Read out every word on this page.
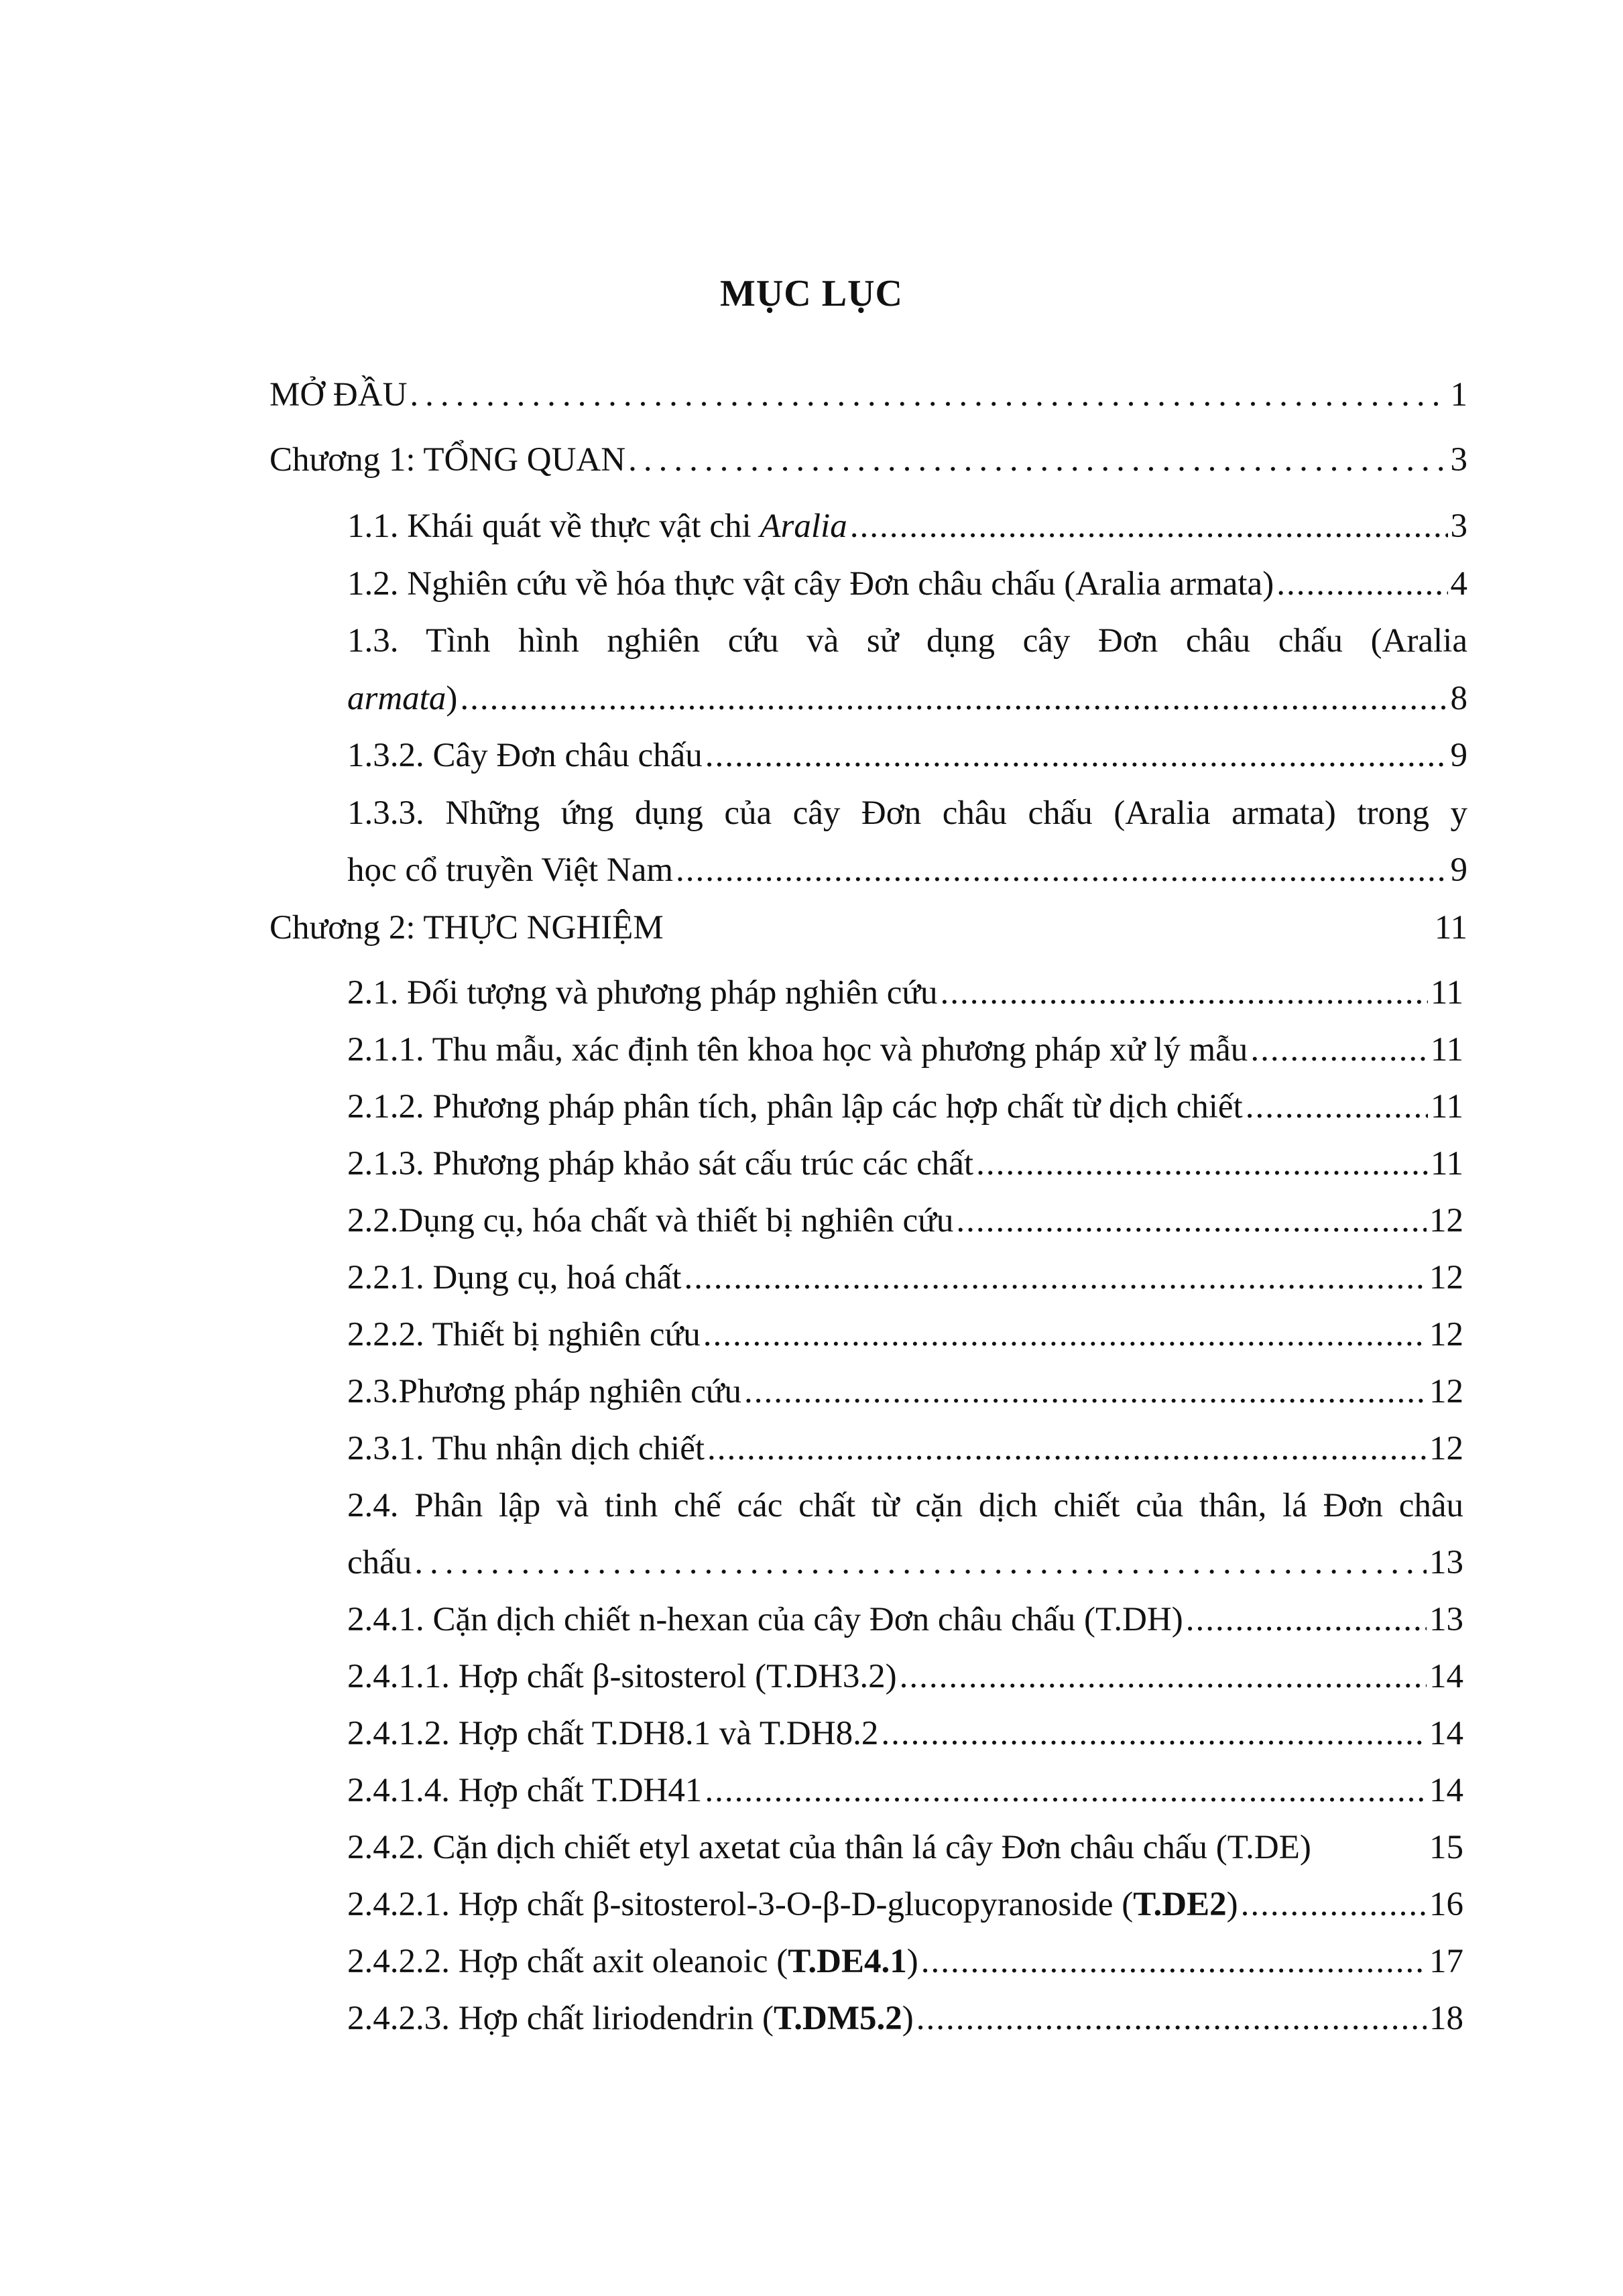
MỤC LỤC
MỞ ĐẦU .....	1
Chương 1: TỔNG QUAN .....	3
1.1. Khái quát về thực vật chi Aralia .....	3
1.2. Nghiên cứu về hóa thực vật cây Đơn châu chấu (Aralia armata) .....	4
1.3. Tình hình nghiên cứu và sử dụng cây Đơn châu chấu (Aralia
armata) .....	8
1.3.2. Cây Đơn châu chấu .....	9
1.3.3. Những ứng dụng của cây Đơn châu chấu (Aralia armata) trong y
học cổ truyền Việt Nam .....	9
Chương 2: THỰC NGHIỆM	11
2.1. Đối tượng và phương pháp nghiên cứu .....	11
2.1.1. Thu mẫu, xác định tên khoa học và phương pháp xử lý mẫu .....	11
2.1.2. Phương pháp phân tích, phân lập các hợp chất từ dịch chiết .....	11
2.1.3. Phương pháp khảo sát cấu trúc các chất .....	11
2.2.Dụng cụ, hóa chất và thiết bị nghiên cứu .....	12
2.2.1. Dụng cụ, hoá chất .....	12
2.2.2. Thiết bị nghiên cứu .....	12
2.3.Phương pháp nghiên cứu .....	12
2.3.1. Thu nhận dịch chiết .....	12
2.4. Phân lập và tinh chế các chất từ cặn dịch chiết của thân, lá Đơn châu
chấu .....	13
2.4.1. Cặn dịch chiết n-hexan của cây Đơn châu chấu (T.DH) .....	13
2.4.1.1. Hợp chất β-sitosterol (T.DH3.2) .....	14
2.4.1.2. Hợp chất T.DH8.1 và T.DH8.2 .....	14
2.4.1.4. Hợp chất T.DH41 .....	14
2.4.2. Cặn dịch chiết etyl axetat của thân lá cây Đơn châu chấu (T.DE)	15
2.4.2.1. Hợp chất β-sitosterol-3-O-β-D-glucopyranoside (T.DE2) .....	16
2.4.2.2. Hợp chất axit oleanoic (T.DE4.1) .....	17
2.4.2.3. Hợp chất liriodendrin (T.DM5.2) .....	18
